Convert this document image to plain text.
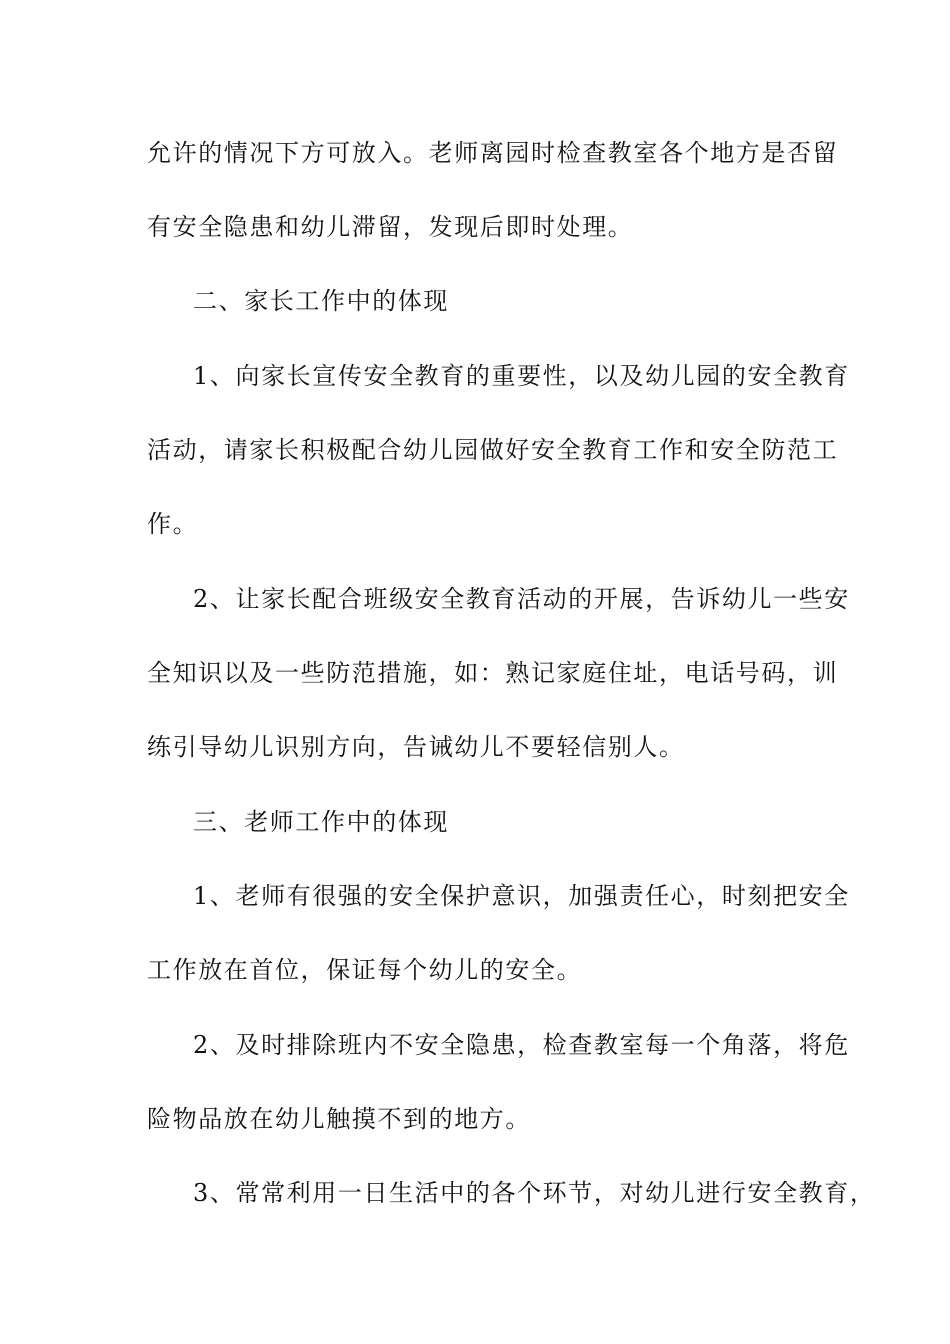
允许的情况下方可放入。老师离园时检查教室各个地方是否留
有安全隐患和幼儿滞留，发现后即时处理。
二、家长工作中的体现
1、向家长宣传安全教育的重要性，以及幼儿园的安全教育
活动，请家长积极配合幼儿园做好安全教育工作和安全防范工
作。
2、让家长配合班级安全教育活动的开展，告诉幼儿一些安
全知识以及一些防范措施，如：熟记家庭住址，电话号码，训
练引导幼儿识别方向，告诫幼儿不要轻信别人。
三、老师工作中的体现
1、老师有很强的安全保护意识，加强责任心，时刻把安全
工作放在首位，保证每个幼儿的安全。
2、及时排除班内不安全隐患，检查教室每一个角落，将危
险物品放在幼儿触摸不到的地方。
3、常常利用一日生活中的各个环节，对幼儿进行安全教育，
